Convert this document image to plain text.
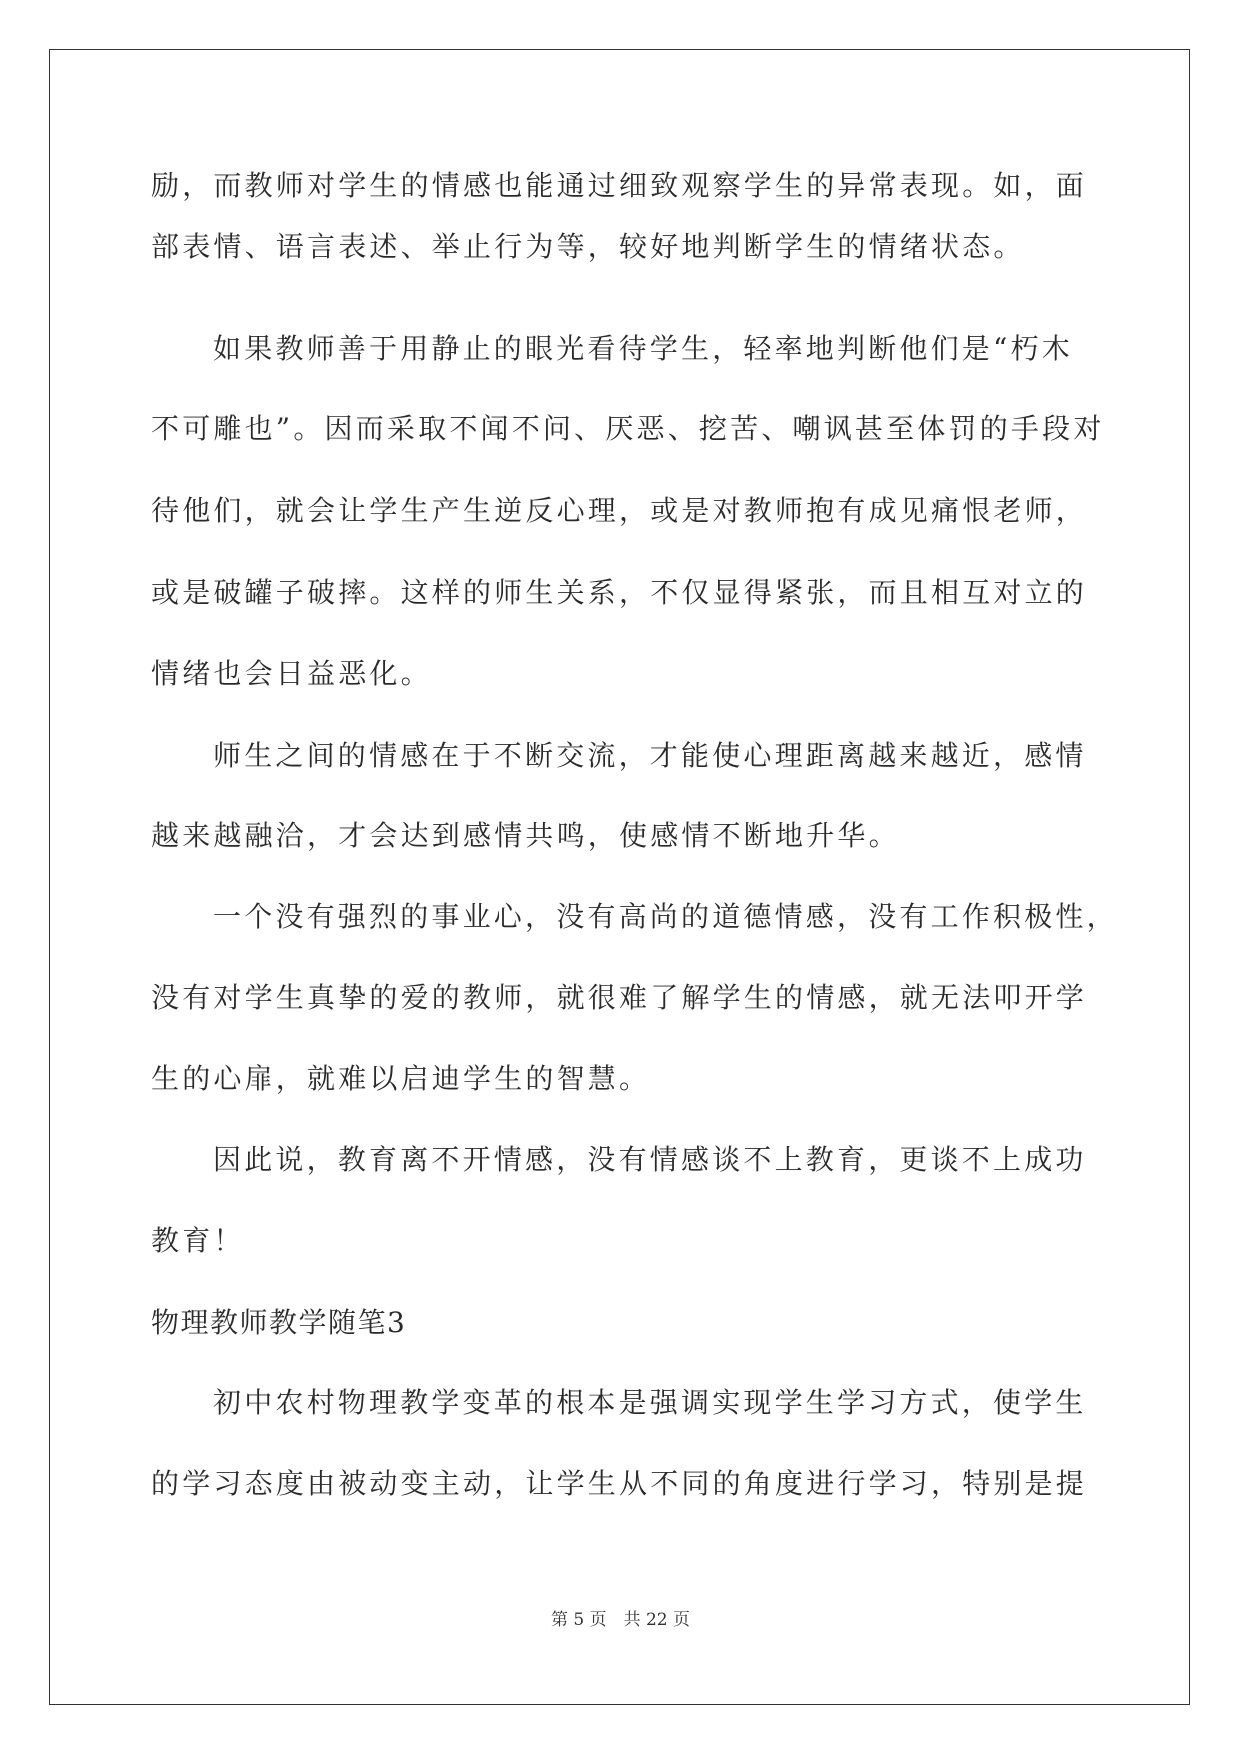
励，而教师对学生的情感也能通过细致观察学生的异常表现。如，面
部表情、语言表述、举止行为等，较好地判断学生的情绪状态。
如果教师善于用静止的眼光看待学生，轻率地判断他们是“朽木
不可雕也”。因而采取不闻不问、厌恶、挖苦、嘲讽甚至体罚的手段对
待他们，就会让学生产生逆反心理，或是对教师抱有成见痛恨老师，
或是破罐子破摔。这样的师生关系，不仅显得紧张，而且相互对立的
情绪也会日益恶化。
师生之间的情感在于不断交流，才能使心理距离越来越近，感情
越来越融洽，才会达到感情共鸣，使感情不断地升华。
一个没有强烈的事业心，没有高尚的道德情感，没有工作积极性，
没有对学生真挚的爱的教师，就很难了解学生的情感，就无法叩开学
生的心扉，就难以启迪学生的智慧。
因此说，教育离不开情感，没有情感谈不上教育，更谈不上成功
教育！
物理教师教学随笔3
初中农村物理教学变革的根本是强调实现学生学习方式，使学生
的学习态度由被动变主动，让学生从不同的角度进行学习，特别是提
第 5 页　共 22 页
